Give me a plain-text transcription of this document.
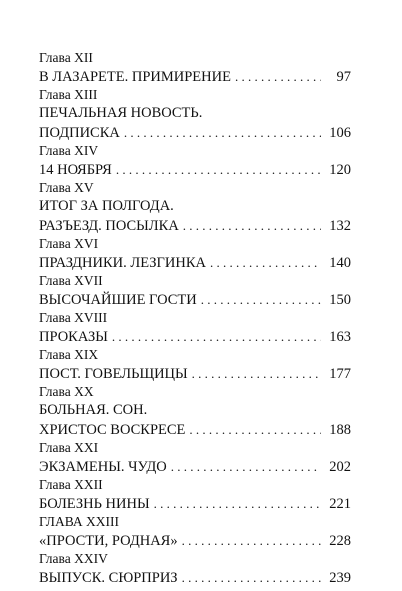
Глава XII
В ЛАЗАРЕТЕ. ПРИМИРЕНИЕ . . .	97
Глава XIII
ПЕЧАЛЬНАЯ НОВОСТЬ.
ПОДПИСКА . . .	106
Глава XIV
14 НОЯБРЯ . . .	120
Глава XV
ИТОГ ЗА ПОЛГОДА.
РАЗЪЕЗД. ПОСЫЛКА . . .	132
Глава XVI
ПРАЗДНИКИ. ЛЕЗГИНКА . . .	140
Глава XVII
ВЫСОЧАЙШИЕ ГОСТИ . . .	150
Глава XVIII
ПРОКАЗЫ . . .	163
Глава XIX
ПОСТ. ГОВЕЛЬЩИЦЫ . . .	177
Глава XX
БОЛЬНАЯ. СОН.
ХРИСТОС ВОСКРЕСЕ . . .	188
Глава XXI
ЭКЗАМЕНЫ. ЧУДО . . .	202
Глава XXII
БОЛЕЗНЬ НИНЫ . . .	221
ГЛАВА XXIII
«ПРОСТИ, РОДНАЯ» . . .	228
Глава XXIV
ВЫПУСК. СЮРПРИЗ . . .	239
